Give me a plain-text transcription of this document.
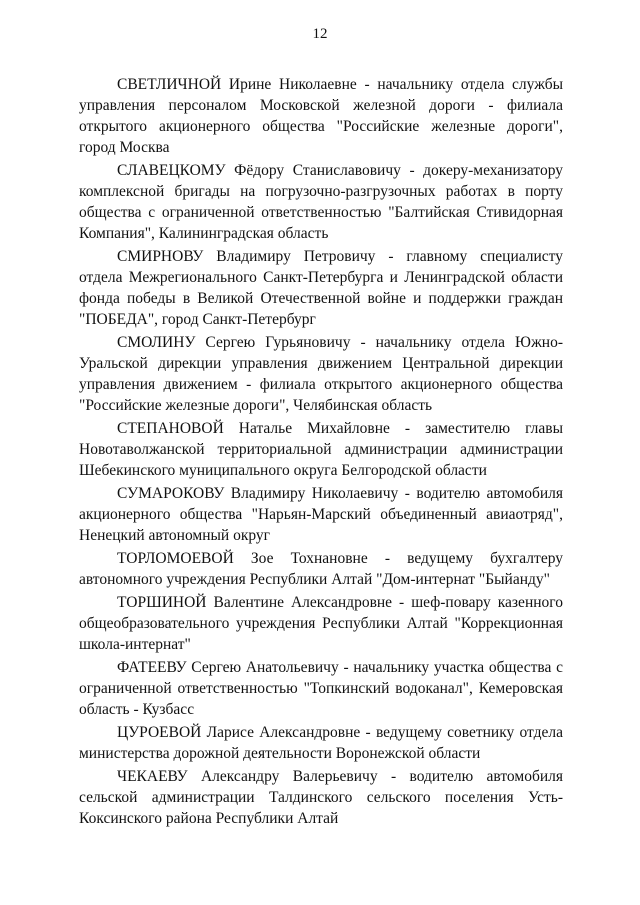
12

СВЕТЛИЧНОЙ Ирине Николаевне - начальнику отдела службы управления персоналом Московской железной дороги - филиала открытого акционерного общества "Российские железные дороги", город Москва

СЛАВЕЦКОМУ Фёдору Станиславовичу - докеру-механизатору комплексной бригады на погрузочно-разгрузочных работах в порту общества с ограниченной ответственностью "Балтийская Стивидорная Компания", Калининградская область

СМИРНОВУ Владимиру Петровичу - главному специалисту отдела Межрегионального Санкт-Петербурга и Ленинградской области фонда победы в Великой Отечественной войне и поддержки граждан "ПОБЕДА", город Санкт-Петербург

СМОЛИНУ Сергею Гурьяновичу - начальнику отдела Южно-Уральской дирекции управления движением Центральной дирекции управления движением - филиала открытого акционерного общества "Российские железные дороги", Челябинская область

СТЕПАНОВОЙ Наталье Михайловне - заместителю главы Новотаволжанской территориальной администрации администрации Шебекинского муниципального округа Белгородской области

СУМАРОКОВУ Владимиру Николаевичу - водителю автомобиля акционерного общества "Нарьян-Марский объединенный авиаотряд", Ненецкий автономный округ

ТОРЛОМОЕВОЙ Зое Тохнановне - ведущему бухгалтеру автономного учреждения Республики Алтай "Дом-интернат "Быйанду"

ТОРШИНОЙ Валентине Александровне - шеф-повару казенного общеобразовательного учреждения Республики Алтай "Коррекционная школа-интернат"

ФАТЕЕВУ Сергею Анатольевичу - начальнику участка общества с ограниченной ответственностью "Топкинский водоканал", Кемеровская область - Кузбасс

ЦУРОЕВОЙ Ларисе Александровне - ведущему советнику отдела министерства дорожной деятельности Воронежской области

ЧЕКАЕВУ Александру Валерьевичу - водителю автомобиля сельской администрации Талдинского сельского поселения Усть-Коксинского района Республики Алтай
